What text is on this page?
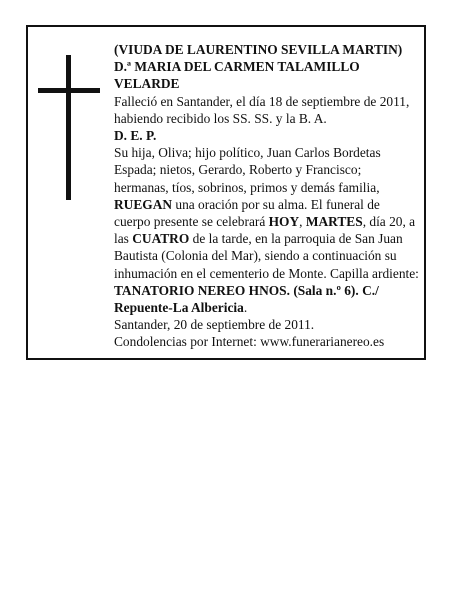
(VIUDA DE LAURENTINO SEVILLA MARTIN)

D.ª MARIA DEL CARMEN TALAMILLO VELARDE

Falleció en Santander, el día 18 de septiembre de 2011, habiendo recibido los SS. SS. y la B. A.

D. E. P.

Su hija, Oliva; hijo político, Juan Carlos Bordetas Espada; nietos, Gerardo, Roberto y Francisco; hermanas, tíos, sobrinos, primos y demás familia, RUEGAN una oración por su alma. El funeral de cuerpo presente se celebrará HOY, MARTES, día 20, a las CUATRO de la tarde, en la parroquia de San Juan Bautista (Colonia del Mar), siendo a continuación su inhumación en el cementerio de Monte. Capilla ardiente: TANATORIO NEREO HNOS. (Sala n.º 6). C./ Repuente-La Albericia.

Santander, 20 de septiembre de 2011.

Condolencias por Internet: www.funerarianereo.es
